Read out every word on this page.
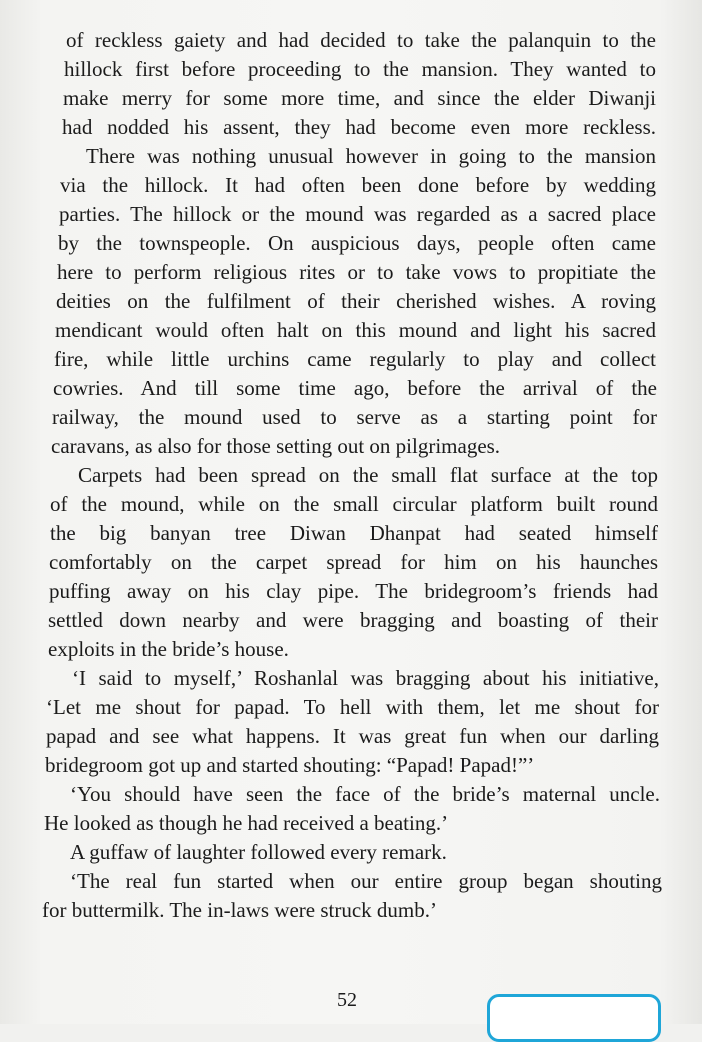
of reckless gaiety and had decided to take the palanquin to the
hillock first before proceeding to the mansion. They wanted to
make merry for some more time, and since the elder Diwanji
had nodded his assent, they had become even more reckless.
There was nothing unusual however in going to the mansion
via the hillock. It had often been done before by wedding
parties. The hillock or the mound was regarded as a sacred place
by the townspeople. On auspicious days, people often came
here to perform religious rites or to take vows to propitiate the
deities on the fulfilment of their cherished wishes. A roving
mendicant would often halt on this mound and light his sacred
fire, while little urchins came regularly to play and collect
cowries. And till some time ago, before the arrival of the
railway, the mound used to serve as a starting point for
caravans, as also for those setting out on pilgrimages.
Carpets had been spread on the small flat surface at the top
of the mound, while on the small circular platform built round
the big banyan tree Diwan Dhanpat had seated himself
comfortably on the carpet spread for him on his haunches
puffing away on his clay pipe. The bridegroom’s friends had
settled down nearby and were bragging and boasting of their
exploits in the bride’s house.
‘I said to myself,’ Roshanlal was bragging about his initiative,
‘Let me shout for papad. To hell with them, let me shout for
papad and see what happens. It was great fun when our darling
bridegroom got up and started shouting: “Papad! Papad!”’
‘You should have seen the face of the bride’s maternal uncle.
He looked as though he had received a beating.’
A guffaw of laughter followed every remark.
‘The real fun started when our entire group began shouting
for buttermilk. The in-laws were struck dumb.’
52
